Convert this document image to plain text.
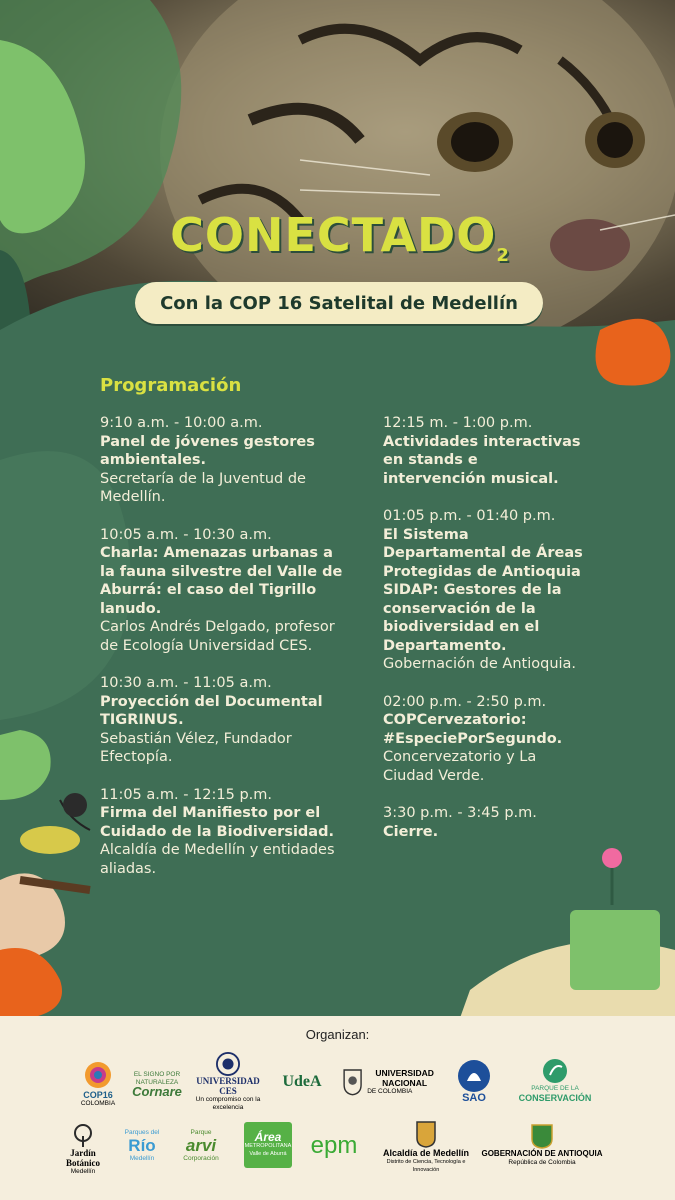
$CONECTADO_2$
Con la COP 16 Satelital de Medellín
Programación
9:10 a.m. - 10:00 a.m.
Panel de jóvenes gestores ambientales.
Secretaría de la Juventud de Medellín.
10:05 a.m. - 10:30 a.m.
Charla: Amenazas urbanas a la fauna silvestre del Valle de Aburrá: el caso del Tigrillo lanudo.
Carlos Andrés Delgado, profesor de Ecología Universidad CES.
10:30 a.m. - 11:05 a.m.
Proyección del Documental TIGRINUS.
Sebastián Vélez, Fundador Efectopía.
11:05 a.m. - 12:15 p.m.
Firma del Manifiesto por el Cuidado de la Biodiversidad.
Alcaldía de Medellín y entidades aliadas.
12:15 m. - 1:00 p.m.
Actividades interactivas en stands e intervención musical.
01:05 p.m. - 01:40 p.m.
El Sistema Departamental de Áreas Protegidas de Antioquia SIDAP: Gestores de la conservación de la biodiversidad en el Departamento.
Gobernación de Antioquia.
02:00 p.m. - 2:50 p.m.
COPCervezatorio: #EspeciePorSegundo.
Concervezatorio y La Ciudad Verde.
3:30 p.m. - 3:45 p.m.
Cierre.
Organizan:
COP16
COLOMBIA
EL SIGNO POR NATURALEZA
Cornare
UNIVERSIDAD CES
Un compromiso con la excelencia
UdeA	UNIVERSIDAD NACIONAL
DE COLOMBIA
SAO
PARQUE DE LA
CONSERVACIÓN
Jardín Botánico
Medellín
Parques del
Río
Medellín
Parque
arvi
Corporación
Área
METROPOLITANA Valle de Aburrá epm	Alcaldía de Medellín
Distrito de Ciencia, Tecnología e Innovación
GOBERNACIÓN DE ANTIOQUIA
República de Colombia
